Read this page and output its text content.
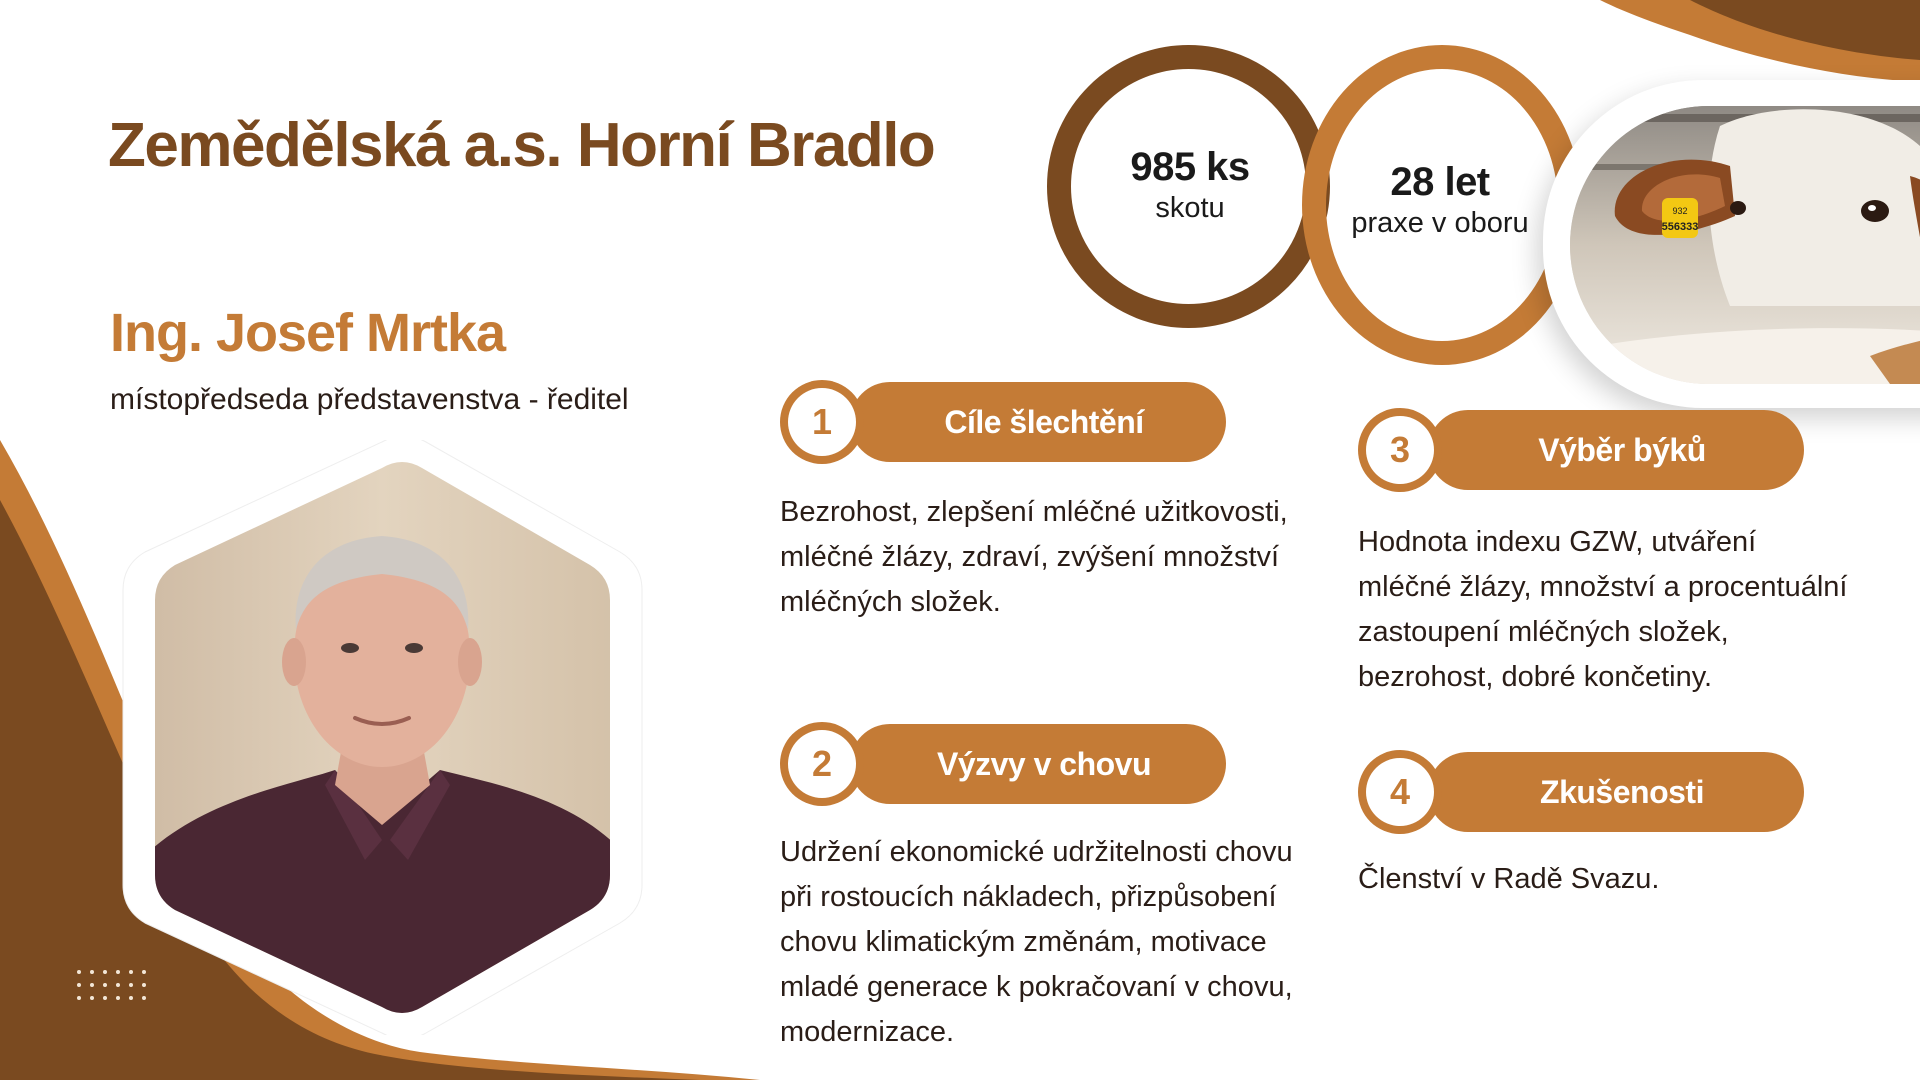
Zemědělská a.s. Horní Bradlo
Ing. Josef Mrtka
místopředseda představenstva - ředitel
985 ks
skotu
28 let
praxe v oboru	932
556333
1	Cíle šlechtění
Bezrohost, zlepšení mléčné užitkovosti,
mléčné žlázy, zdraví, zvýšení množství
mléčných složek.
2	Výzvy v chovu
Udržení ekonomické udržitelnosti chovu
při rostoucích nákladech, přizpůsobení
chovu klimatickým změnám, motivace
mladé generace k pokračovaní v chovu,
modernizace.
3	Výběr býků
Hodnota indexu GZW, utváření
mléčné žlázy, množství a procentuální
zastoupení mléčných složek,
bezrohost, dobré končetiny.
4	Zkušenosti
Členství v Radě Svazu.
